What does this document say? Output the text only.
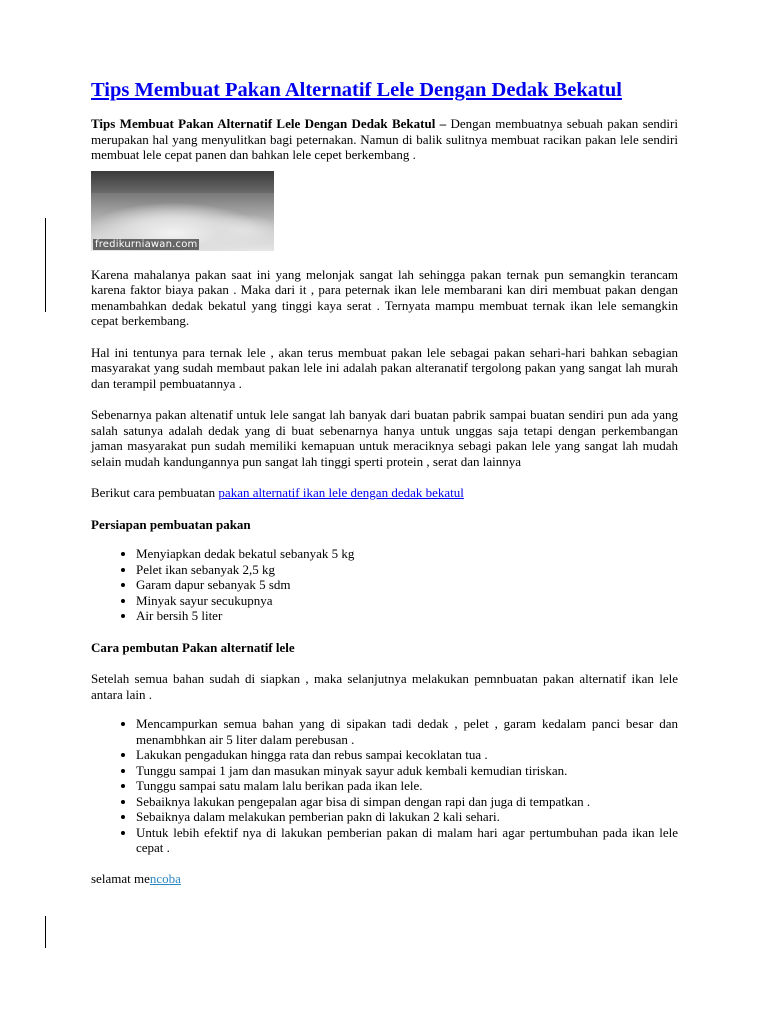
Tips Membuat Pakan Alternatif Lele Dengan Dedak Bekatul

Tips Membuat Pakan Alternatif Lele Dengan Dedak Bekatul – Dengan membuatnya sebuah pakan sendiri merupakan hal yang menyulitkan bagi peternakan. Namun di balik sulitnya membuat racikan pakan lele sendiri membuat lele cepat panen dan bahkan lele cepet berkembang .

fredikurniawan.com

Karena mahalanya pakan saat ini yang melonjak sangat lah sehingga pakan ternak pun semangkin terancam karena faktor biaya pakan . Maka dari it , para peternak ikan lele membarani kan diri membuat pakan dengan menambahkan dedak bekatul yang tinggi kaya serat . Ternyata mampu membuat ternak ikan lele semangkin cepat berkembang.

Hal ini tentunya para ternak lele , akan terus membuat pakan lele sebagai pakan sehari-hari bahkan sebagian masyarakat yang sudah membaut pakan lele ini adalah pakan alteranatif tergolong pakan yang sangat lah murah dan terampil pembuatannya .

Sebenarnya pakan altenatif untuk lele sangat lah banyak dari buatan pabrik sampai buatan sendiri pun ada yang salah satunya adalah dedak yang di buat sebenarnya hanya untuk unggas saja tetapi dengan perkembangan jaman masyarakat pun sudah memiliki kemapuan untuk meraciknya sebagi pakan lele yang sangat lah mudah selain mudah kandungannya pun sangat lah tinggi sperti protein , serat dan lainnya

Berikut cara pembuatan pakan alternatif ikan lele dengan dedak bekatul

Persiapan pembuatan pakan
• Menyiapkan dedak bekatul sebanyak 5 kg
• Pelet ikan sebanyak 2,5 kg
• Garam dapur sebanyak 5 sdm
• Minyak sayur secukupnya
• Air bersih 5 liter
Cara pembutan Pakan alternatif lele

Setelah semua bahan sudah di siapkan , maka selanjutnya melakukan pemnbuatan pakan alternatif ikan lele antara lain .

• Mencampurkan semua bahan yang di sipakan tadi dedak , pelet , garam kedalam panci besar dan menambhkan air 5 liter dalam perebusan .
• Lakukan pengadukan hingga rata dan rebus sampai kecoklatan tua .
• Tunggu sampai 1 jam dan masukan minyak sayur aduk kembali kemudian tiriskan.
• Tunggu sampai satu malam lalu berikan pada ikan lele.
• Sebaiknya lakukan pengepalan agar bisa di simpan dengan rapi dan juga di tempatkan .
• Sebaiknya dalam melakukan pemberian pakn di lakukan 2 kali sehari.
• Untuk lebih efektif nya di lakukan pemberian pakan di malam hari agar pertumbuhan pada ikan lele cepat .

selamat mencoba
